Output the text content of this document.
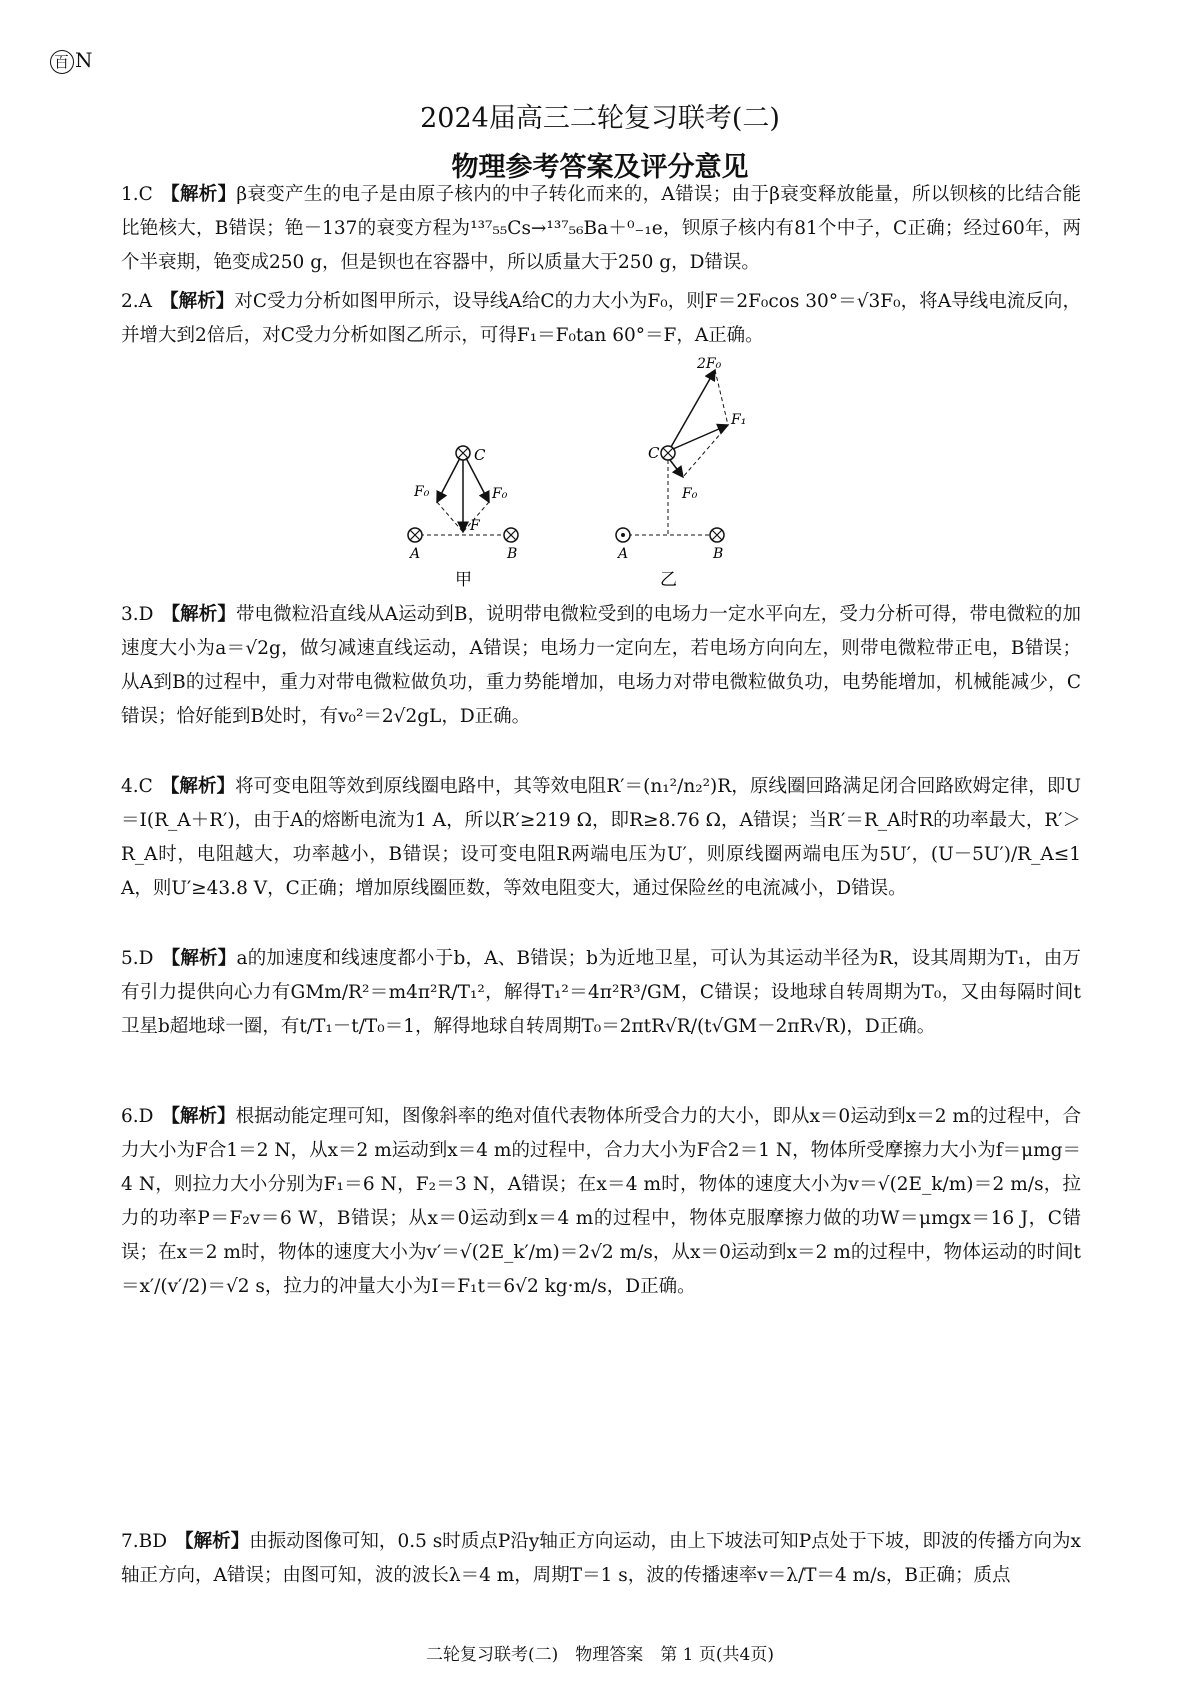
百 N
2024届高三二轮复习联考(二)
物理参考答案及评分意见
1.C 【解析】β衰变产生的电子是由原子核内的中子转化而来的，A错误；由于β衰变释放能量，所以钡核的比结合能比铯核大，B错误；铯－137的衰变方程为¹³⁷₅₅Cs→¹³⁷₅₆Ba＋⁰₋₁e，钡原子核内有81个中子，C正确；经过60年，两个半衰期，铯变成250 g，但是钡也在容器中，所以质量大于250 g，D错误。
2.A 【解析】对C受力分析如图甲所示，设导线A给C的力大小为F₀，则F＝2F₀cos 30°＝√3F₀，将A导线电流反向，并增大到2倍后，对C受力分析如图乙所示，可得F₁＝F₀tan 60°＝F，A正确。
C
F₀	F₀
F
A	B
甲
C
2F₀
F₁
F₀
A	B
乙
3.D 【解析】带电微粒沿直线从A运动到B，说明带电微粒受到的电场力一定水平向左，受力分析可得，带电微粒的加速度大小为a＝√2g，做匀减速直线运动，A错误；电场力一定向左，若电场方向向左，则带电微粒带正电，B错误；从A到B的过程中，重力对带电微粒做负功，重力势能增加，电场力对带电微粒做负功，电势能增加，机械能减少，C错误；恰好能到B处时，有v₀²＝2√2gL，D正确。
4.C 【解析】将可变电阻等效到原线圈电路中，其等效电阻R′＝(n₁²/n₂²)R，原线圈回路满足闭合回路欧姆定律，即U＝I(R_A＋R′)，由于A的熔断电流为1 A，所以R′≥219 Ω，即R≥8.76 Ω，A错误；当R′＝R_A时R的功率最大，R′＞R_A时，电阻越大，功率越小，B错误；设可变电阻R两端电压为U′，则原线圈两端电压为5U′，(U－5U′)/R_A≤1 A，则U′≥43.8 V，C正确；增加原线圈匝数，等效电阻变大，通过保险丝的电流减小，D错误。
5.D 【解析】a的加速度和线速度都小于b，A、B错误；b为近地卫星，可认为其运动半径为R，设其周期为T₁，由万有引力提供向心力有GMm/R²＝m4π²R/T₁²，解得T₁²＝4π²R³/GM，C错误；设地球自转周期为T₀，又由每隔时间t卫星b超地球一圈，有t/T₁－t/T₀＝1，解得地球自转周期T₀＝2πtR√R/(t√GM－2πR√R)，D正确。
6.D 【解析】根据动能定理可知，图像斜率的绝对值代表物体所受合力的大小，即从x＝0运动到x＝2 m的过程中，合力大小为F合1＝2 N，从x＝2 m运动到x＝4 m的过程中，合力大小为F合2＝1 N，物体所受摩擦力大小为f＝μmg＝4 N，则拉力大小分别为F₁＝6 N，F₂＝3 N，A错误；在x＝4 m时，物体的速度大小为v＝√(2E_k/m)＝2 m/s，拉力的功率P＝F₂v＝6 W，B错误；从x＝0运动到x＝4 m的过程中，物体克服摩擦力做的功W＝μmgx＝16 J，C错误；在x＝2 m时，物体的速度大小为v′＝√(2E_k′/m)＝2√2 m/s，从x＝0运动到x＝2 m的过程中，物体运动的时间t＝x′/(v′/2)＝√2 s，拉力的冲量大小为I＝F₁t＝6√2 kg·m/s，D正确。
7.BD 【解析】由振动图像可知，0.5 s时质点P沿y轴正方向运动，由上下坡法可知P点处于下坡，即波的传播方向为x轴正方向，A错误；由图可知，波的波长λ＝4 m，周期T＝1 s，波的传播速率v＝λ/T＝4 m/s，B正确；质点
二轮复习联考(二)　物理答案　第 1 页(共4页)
